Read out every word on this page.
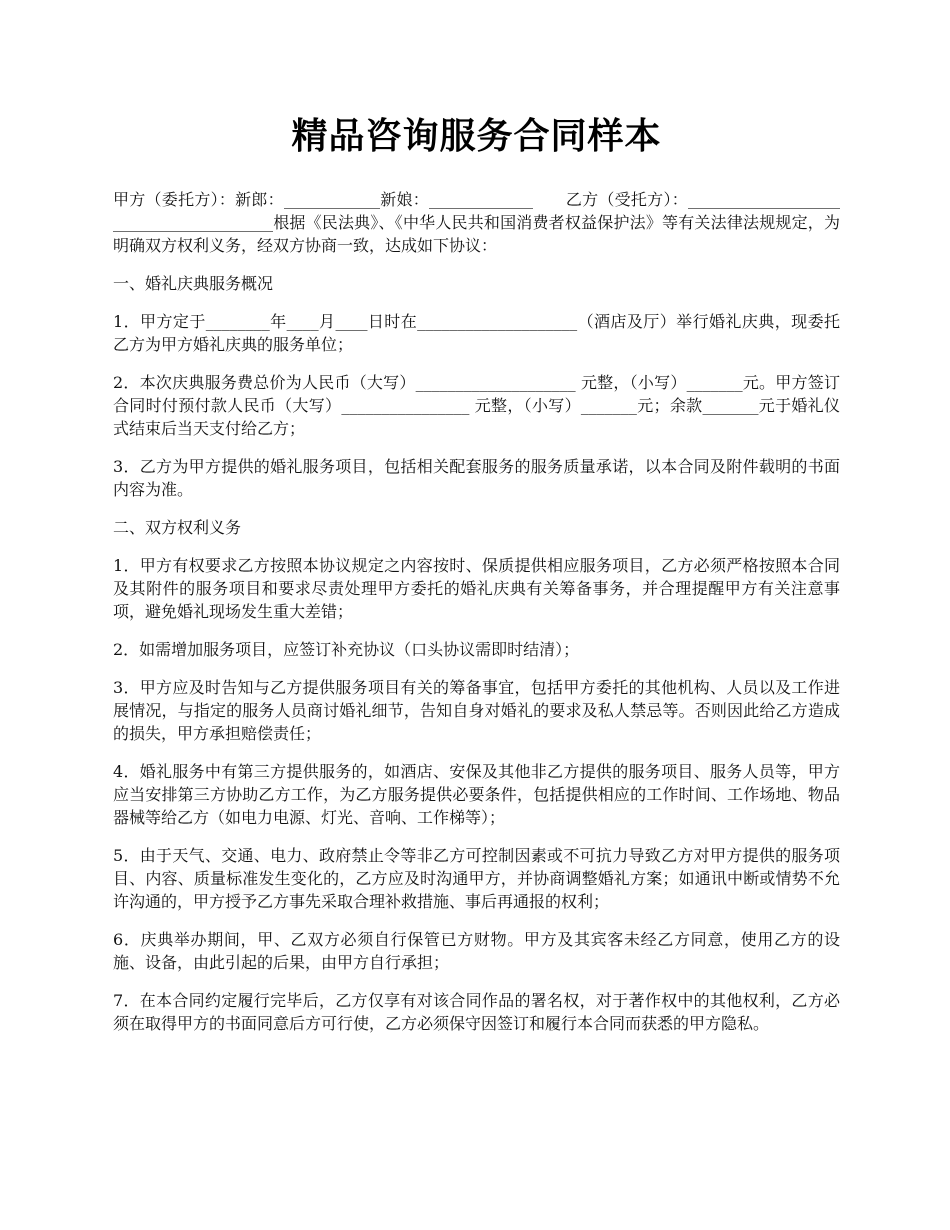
精品咨询服务合同样本

甲方（委托方）：新郎：____________新娘：_____________　　乙方（受托方）：_______________________________________根据《民法典》、《中华人民共和国消费者权益保护法》等有关法律法规规定，为明确双方权利义务，经双方协商一致，达成如下协议：

一、婚礼庆典服务概况

1．甲方定于________年____月____日时在____________________（酒店及厅）举行婚礼庆典，现委托乙方为甲方婚礼庆典的服务单位；

2．本次庆典服务费总价为人民币（大写）____________________ 元整，（小写）_______元。甲方签订合同时付预付款人民币（大写）________________ 元整，（小写）_______元；余款_______元于婚礼仪式结束后当天支付给乙方；

3．乙方为甲方提供的婚礼服务项目，包括相关配套服务的服务质量承诺，以本合同及附件载明的书面内容为准。

二、双方权利义务

1．甲方有权要求乙方按照本协议规定之内容按时、保质提供相应服务项目，乙方必须严格按照本合同及其附件的服务项目和要求尽责处理甲方委托的婚礼庆典有关筹备事务，并合理提醒甲方有关注意事项，避免婚礼现场发生重大差错；

2．如需增加服务项目，应签订补充协议（口头协议需即时结清）；

3．甲方应及时告知与乙方提供服务项目有关的筹备事宜，包括甲方委托的其他机构、人员以及工作进展情况，与指定的服务人员商讨婚礼细节，告知自身对婚礼的要求及私人禁忌等。否则因此给乙方造成的损失，甲方承担赔偿责任；

4．婚礼服务中有第三方提供服务的，如酒店、安保及其他非乙方提供的服务项目、服务人员等，甲方应当安排第三方协助乙方工作，为乙方服务提供必要条件，包括提供相应的工作时间、工作场地、物品器械等给乙方（如电力电源、灯光、音响、工作梯等）；

5．由于天气、交通、电力、政府禁止令等非乙方可控制因素或不可抗力导致乙方对甲方提供的服务项目、内容、质量标准发生变化的，乙方应及时沟通甲方，并协商调整婚礼方案；如通讯中断或情势不允许沟通的，甲方授予乙方事先采取合理补救措施、事后再通报的权利；

6．庆典举办期间，甲、乙双方必须自行保管已方财物。甲方及其宾客未经乙方同意，使用乙方的设施、设备，由此引起的后果，由甲方自行承担；

7．在本合同约定履行完毕后，乙方仅享有对该合同作品的署名权，对于著作权中的其他权利，乙方必须在取得甲方的书面同意后方可行使，乙方必须保守因签订和履行本合同而获悉的甲方隐私。
